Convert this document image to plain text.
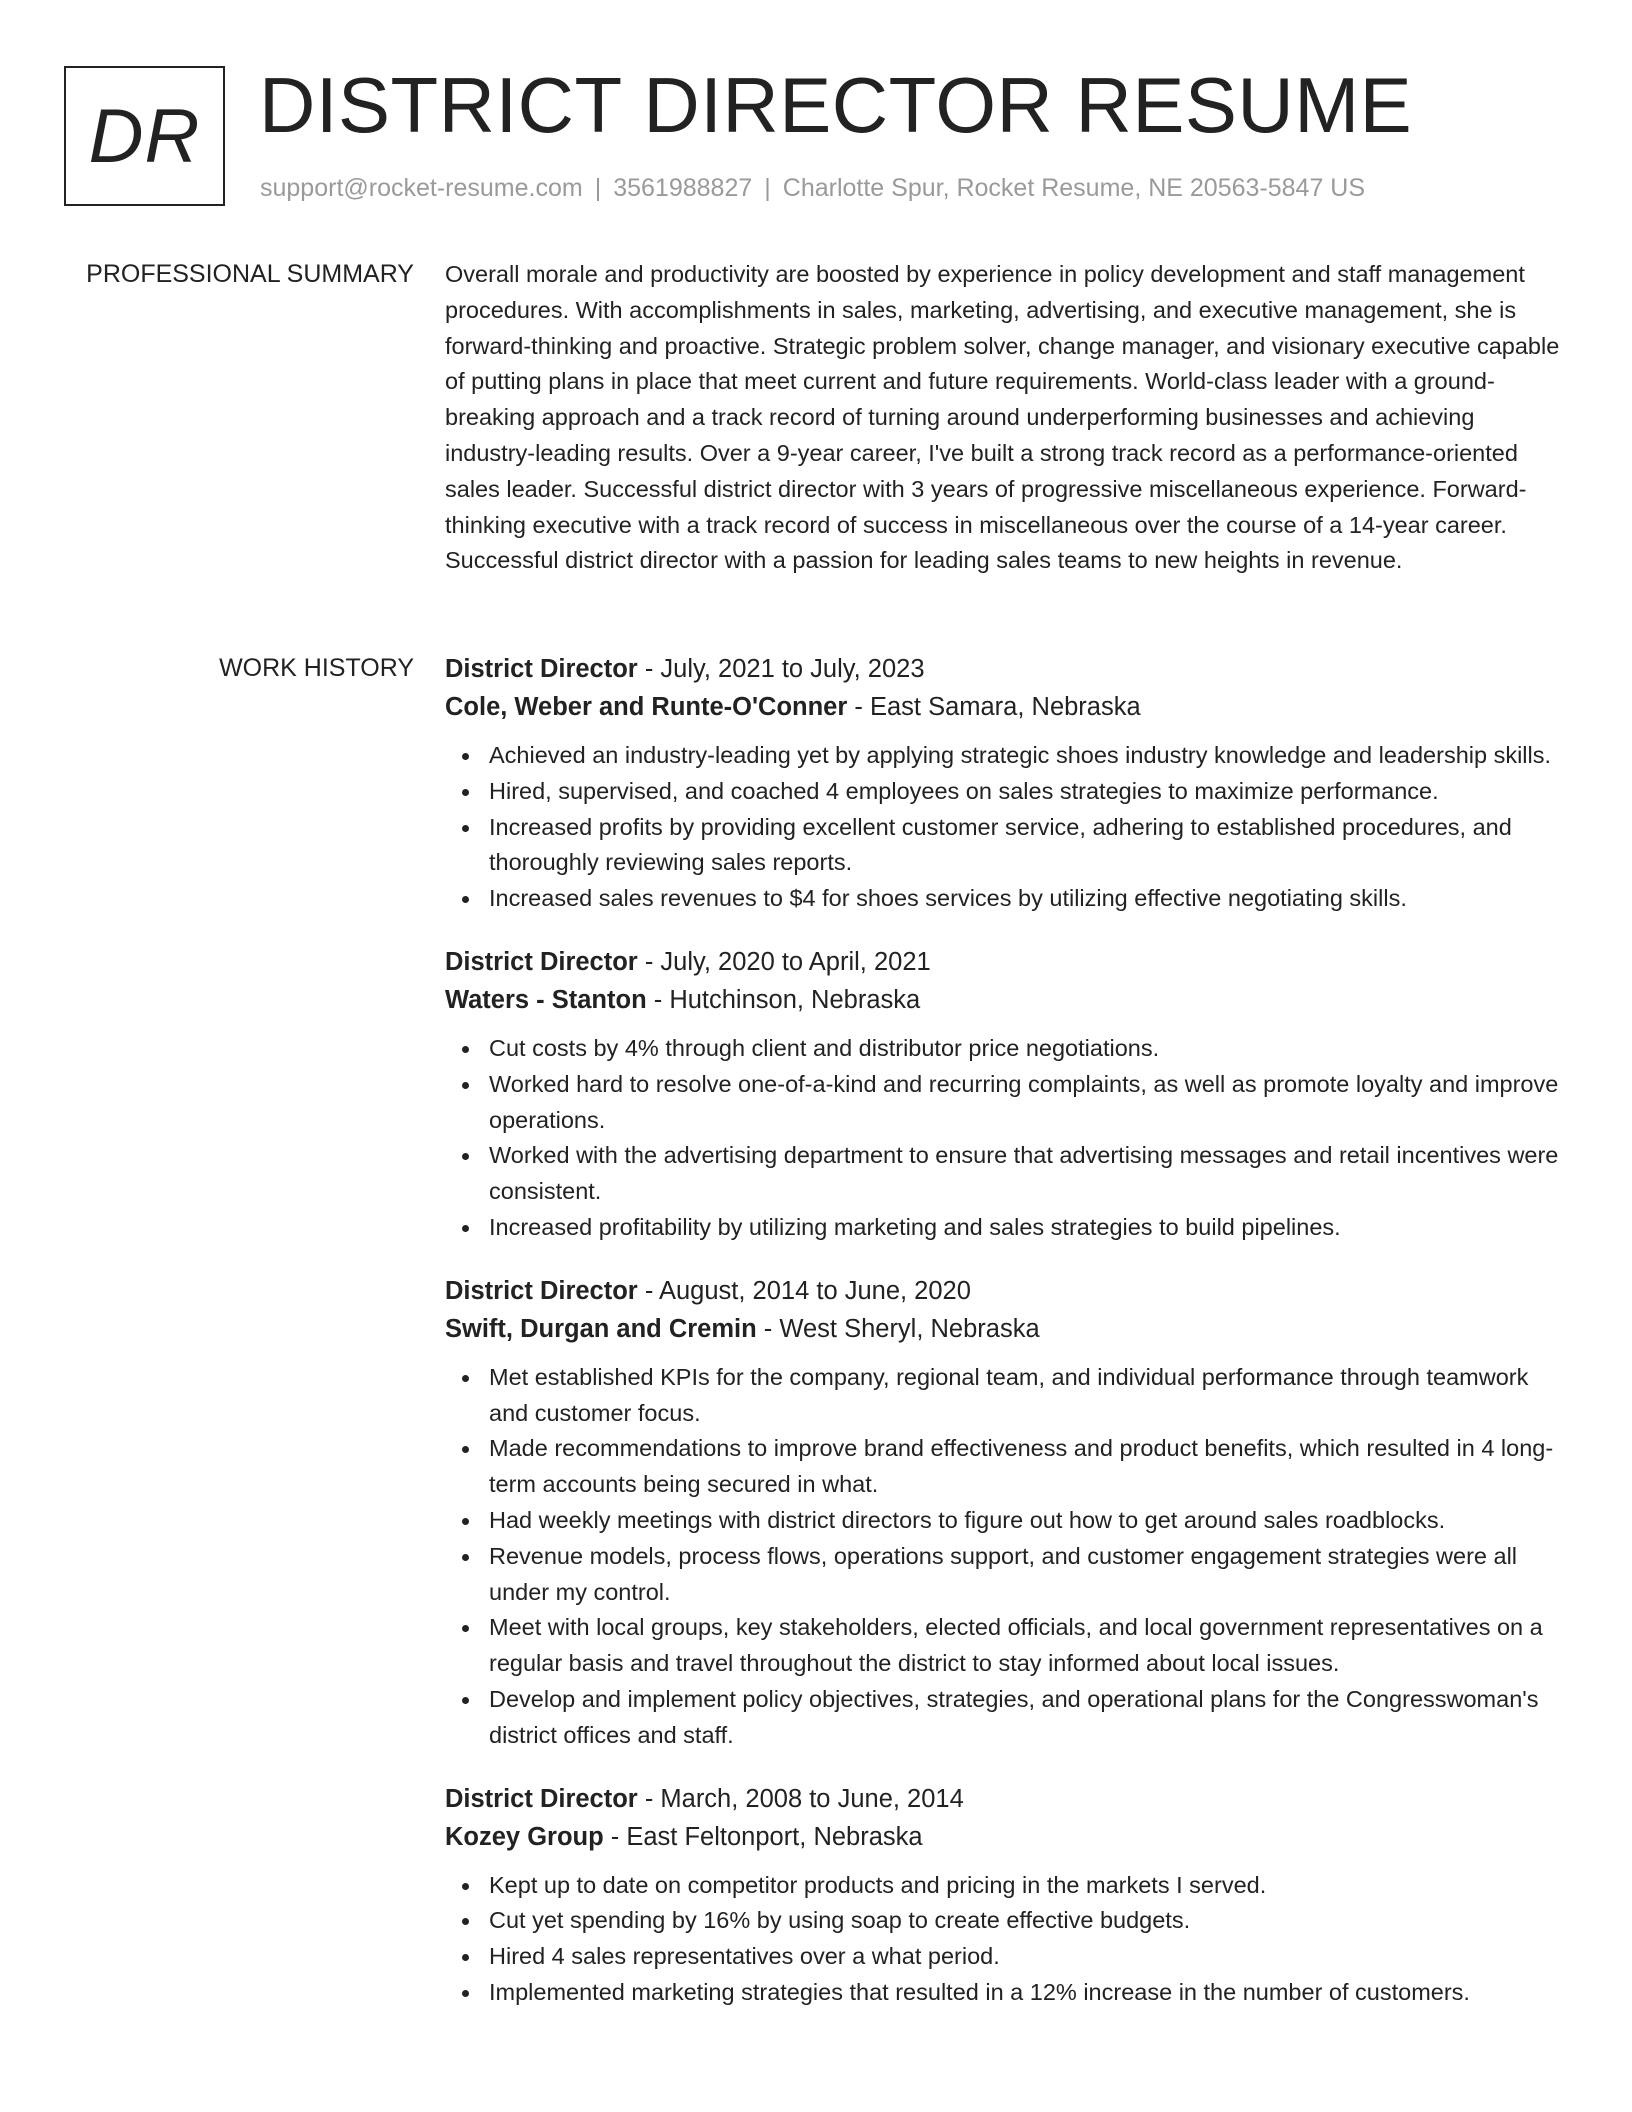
DR DISTRICT DIRECTOR RESUME
support@rocket-resume.com | 3561988827 | Charlotte Spur, Rocket Resume, NE 20563-5847 US
PROFESSIONAL SUMMARY Overall morale and productivity are boosted by experience in policy development and staff management procedures. With accomplishments in sales, marketing, advertising, and executive management, she is forward-thinking and proactive. Strategic problem solver, change manager, and visionary executive capable of putting plans in place that meet current and future requirements. World-class leader with a ground-breaking approach and a track record of turning around underperforming businesses and achieving industry-leading results. Over a 9-year career, I've built a strong track record as a performance-oriented sales leader. Successful district director with 3 years of progressive miscellaneous experience. Forward-thinking executive with a track record of success in miscellaneous over the course of a 14-year career. Successful district director with a passion for leading sales teams to new heights in revenue.

WORK HISTORY District Director - July, 2021 to July, 2023
Cole, Weber and Runte-O'Conner - East Samara, Nebraska
Achieved an industry-leading yet by applying strategic shoes industry knowledge and leadership skills.
Hired, supervised, and coached 4 employees on sales strategies to maximize performance.
Increased profits by providing excellent customer service, adhering to established procedures, and thoroughly reviewing sales reports.
Increased sales revenues to $4 for shoes services by utilizing effective negotiating skills.
District Director - July, 2020 to April, 2021
Waters - Stanton - Hutchinson, Nebraska
Cut costs by 4% through client and distributor price negotiations.
Worked hard to resolve one-of-a-kind and recurring complaints, as well as promote loyalty and improve operations.
Worked with the advertising department to ensure that advertising messages and retail incentives were consistent.
Increased profitability by utilizing marketing and sales strategies to build pipelines.
District Director - August, 2014 to June, 2020
Swift, Durgan and Cremin - West Sheryl, Nebraska
Met established KPIs for the company, regional team, and individual performance through teamwork and customer focus.
Made recommendations to improve brand effectiveness and product benefits, which resulted in 4 long-term accounts being secured in what.
Had weekly meetings with district directors to figure out how to get around sales roadblocks.
Revenue models, process flows, operations support, and customer engagement strategies were all under my control.
Meet with local groups, key stakeholders, elected officials, and local government representatives on a regular basis and travel throughout the district to stay informed about local issues.
Develop and implement policy objectives, strategies, and operational plans for the Congresswoman's district offices and staff.
District Director - March, 2008 to June, 2014
Kozey Group - East Feltonport, Nebraska
Kept up to date on competitor products and pricing in the markets I served.
Cut yet spending by 16% by using soap to create effective budgets.
Hired 4 sales representatives over a what period.
Implemented marketing strategies that resulted in a 12% increase in the number of customers.
